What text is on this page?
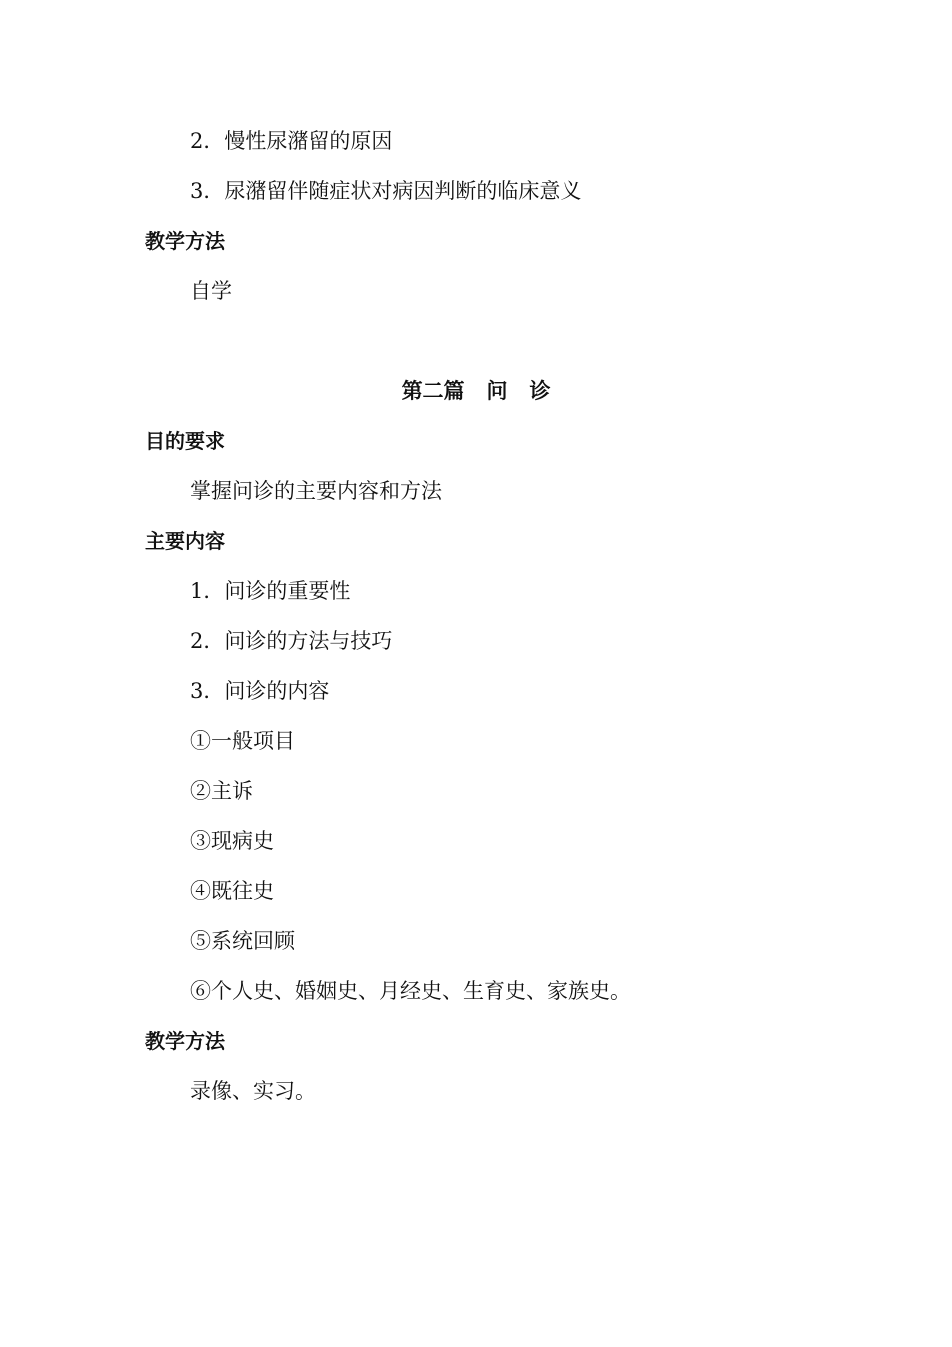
2．慢性尿潴留的原因
3．尿潴留伴随症状对病因判断的临床意义
教学方法
自学
第二篇 问 诊
目的要求
掌握问诊的主要内容和方法
主要内容
1．问诊的重要性
2．问诊的方法与技巧
3．问诊的内容
①一般项目
②主诉
③现病史
④既往史
⑤系统回顾
⑥个人史、婚姻史、月经史、生育史、家族史。
教学方法
录像、实习。
